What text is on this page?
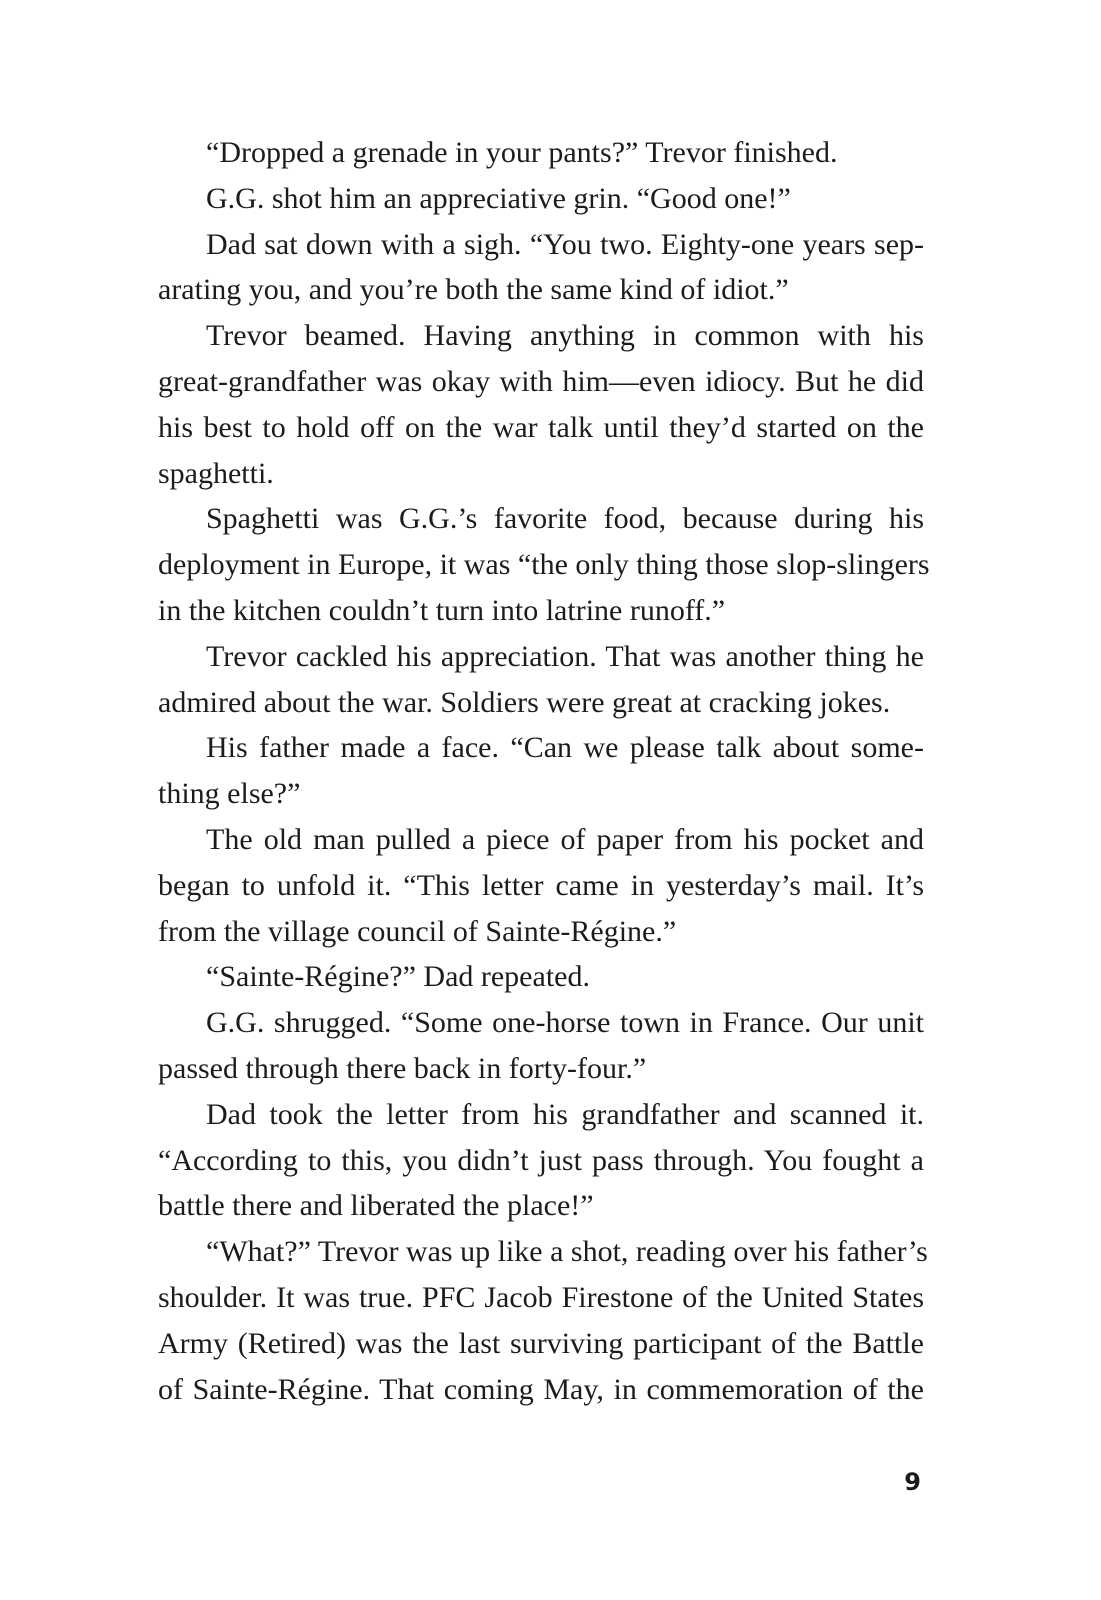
“Dropped a grenade in your pants?” Trevor finished.
G.G. shot him an appreciative grin. “Good one!”
Dad sat down with a sigh. “You two. Eighty-one years sep-
arating you, and you’re both the same kind of idiot.”
Trevor beamed. Having anything in common with his
great-grandfather was okay with him—even idiocy. But he did
his best to hold off on the war talk until they’d started on the
spaghetti.
Spaghetti was G.G.’s favorite food, because during his
deployment in Europe, it was “the only thing those slop-slingers
in the kitchen couldn’t turn into latrine runoff.”
Trevor cackled his appreciation. That was another thing he
admired about the war. Soldiers were great at cracking jokes.
His father made a face. “Can we please talk about some-
thing else?”
The old man pulled a piece of paper from his pocket and
began to unfold it. “This letter came in yesterday’s mail. It’s
from the village council of Sainte-Régine.”
“Sainte-Régine?” Dad repeated.
G.G. shrugged. “Some one-horse town in France. Our unit
passed through there back in forty-four.”
Dad took the letter from his grandfather and scanned it.
“According to this, you didn’t just pass through. You fought a
battle there and liberated the place!”
“What?” Trevor was up like a shot, reading over his father’s
shoulder. It was true. PFC Jacob Firestone of the United States
Army (Retired) was the last surviving participant of the Battle
of Sainte-Régine. That coming May, in commemoration of the
9
